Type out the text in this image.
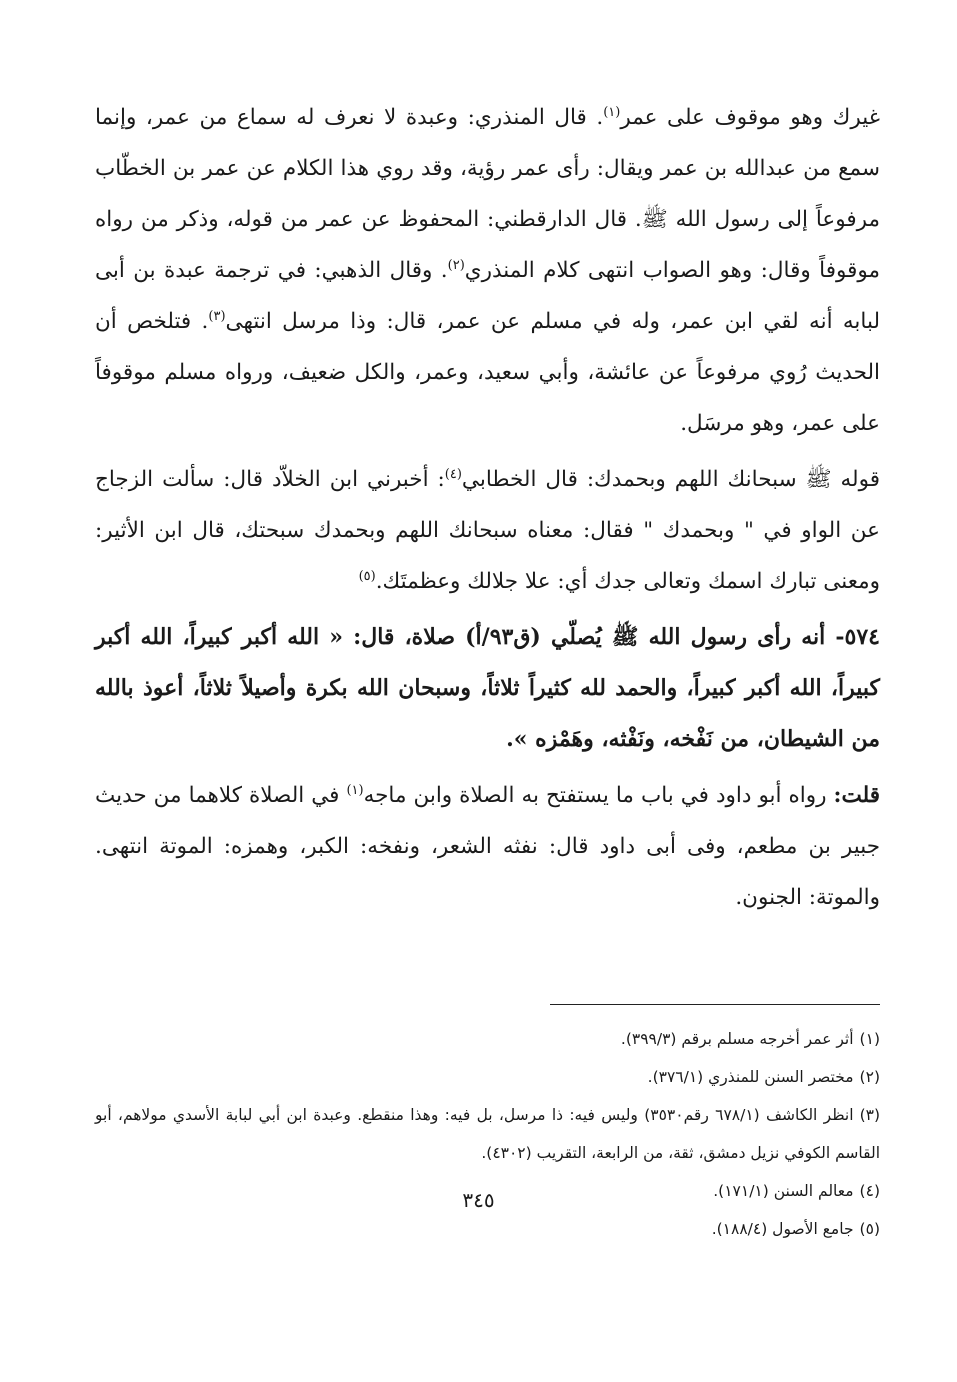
غيرك وهو موقوف على عمر$^{(١)}$. قال المنذري: وعبدة لا نعرف له سماع من عمر، وإنما سمع من عبدالله بن عمر ويقال: رأى عمر رؤية، وقد روي هذا الكلام عن عمر بن الخطّاب مرفوعاً إلى رسول الله ﷺ. قال الدارقطني: المحفوظ عن عمر من قوله، وذكر من رواه موقوفاً وقال: وهو الصواب انتهى كلام المنذري$^{(٢)}$. وقال الذهبي: في ترجمة عبدة بن أبى لبابه أنه لقي ابن عمر، وله في مسلم عن عمر، قال: وذا مرسل انتهى$^{(٣)}$. فتلخص أن الحديث رُوي مرفوعاً عن عائشة، وأبي سعيد، وعمر، والكل ضعيف، ورواه مسلم موقوفاً على عمر، وهو مرسَل.

قوله ﷺ سبحانك اللهم وبحمدك: قال الخطابي$^{(٤)}$: أخبرني ابن الخلاّد قال: سألت الزجاج عن الواو في " وبحمدك " فقال: معناه سبحانك اللهم وبحمدك سبحتك، قال ابن الأثير: ومعنى تبارك اسمك وتعالى جدك أي: علا جلالك وعظمتَك.$^{(٥)}$

٥٧٤- أنه رأى رسول الله ﷺ يُصلّي (ق٩٣/أ) صلاة، قال: « الله أكبر كبيراً، الله أكبر كبيراً، الله أكبر كبيراً، والحمد لله كثيراً ثلاثاً، وسبحان الله بكرة وأصيلاً ثلاثاً، أعوذ بالله من الشيطان، من نَفْخه، ونَفْثه، وهَمْزه ».

قلت: رواه أبو داود في باب ما يستفتح به الصلاة وابن ماجه$^{(١)}$ في الصلاة كلاهما من حديث جبير بن مطعم، وفى أبى داود قال: نفثه الشعر، ونفخه: الكبر، وهمزه: الموتة انتهى. والموتة: الجنون.

(١)أثر عمر أخرجه مسلم برقم (٣٩٩/٣).

(٢)مختصر السنن للمنذري (٣٧٦/١).

(٣)انظر الكاشف (٦٧٨/١ رقم٣٥٣٠) وليس فيه: ذا مرسل، بل فيه: وهذا منقطع. وعبدة ابن أبي لبابة الأسدي مولاهم، أبو القاسم الكوفي نزيل دمشق، ثقة، من الرابعة، التقريب (٤٣٠٢).

(٤)معالم السنن (١٧١/١).

(٥)جامع الأصول (١٨٨/٤).

٣٤٥
